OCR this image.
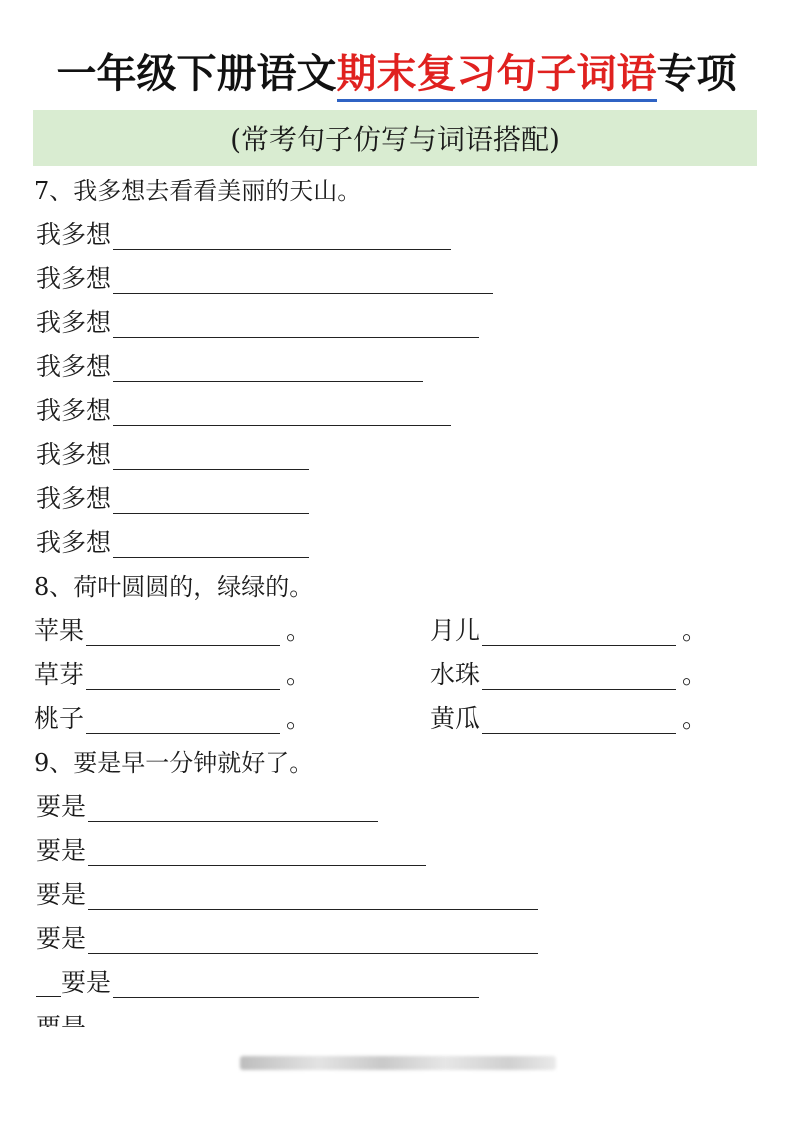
一年级下册语文期末复习句子词语专项
(常考句子仿写与词语搭配)
7、我多想去看看美丽的天山。
我多想
我多想
我多想
我多想
我多想
我多想
我多想
我多想
8、荷叶圆圆的，绿绿的。
苹果	。	月儿	。
草芽	。	水珠	。
桃子	。	黄瓜	。
9、要是早一分钟就好了。
要是
要是
要是
要是
__要是
